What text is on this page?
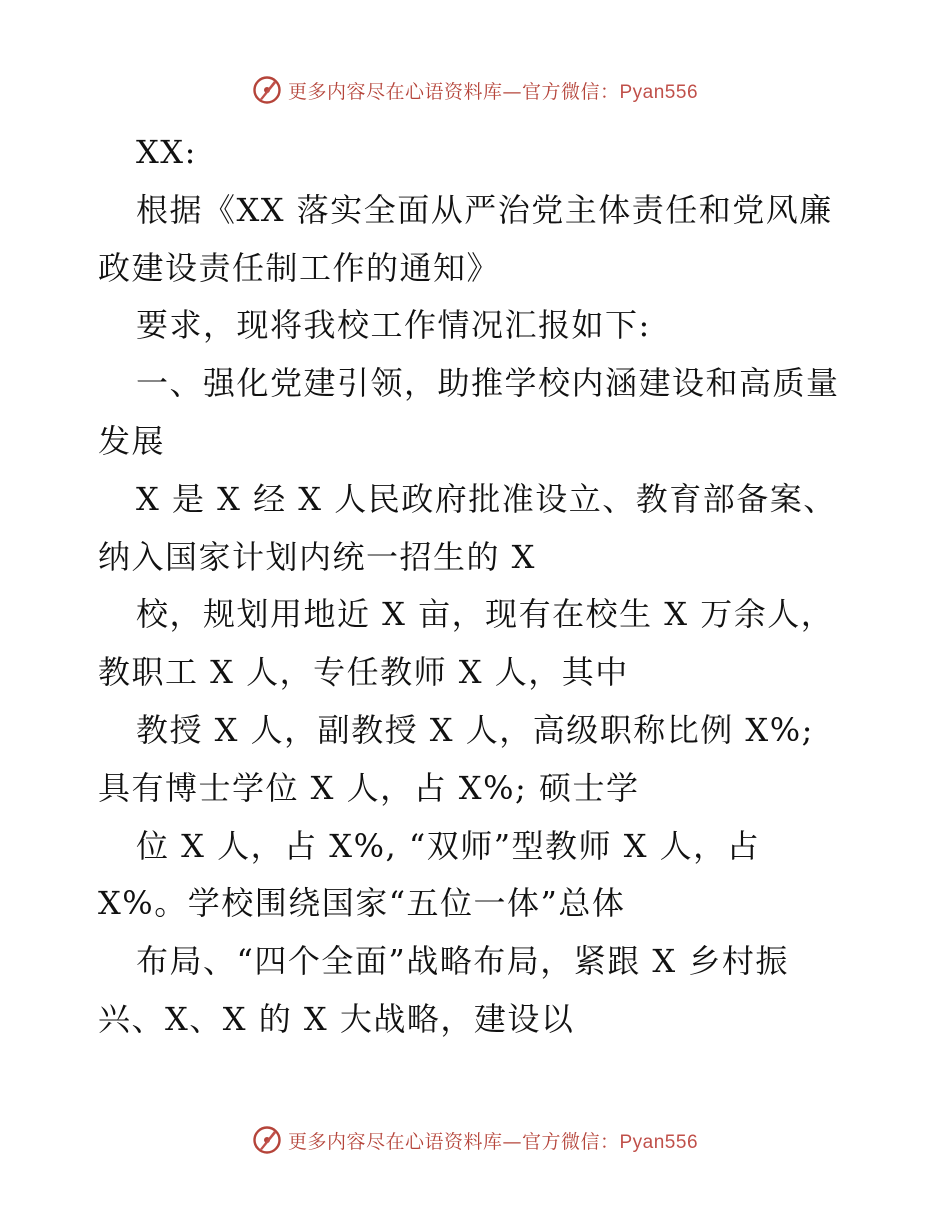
更多内容尽在心语资料库—官方微信：Pyan556
XX:
根据《XX 落实全面从严治党主体责任和党风廉
政建设责任制工作的通知》
要求，现将我校工作情况汇报如下:
一、强化党建引领，助推学校内涵建设和高质量
发展
X 是 X 经 X 人民政府批准设立、教育部备案、
纳入国家计划内统一招生的 X
校，规划用地近 X 亩，现有在校生 X 万余人，
教职工 X 人，专任教师 X 人，其中
教授 X 人，副教授 X 人，高级职称比例 X%;
具有博士学位 X 人，占 X%; 硕士学
位 X 人，占 X%, “双师”型教师 X 人，占
X%。学校围绕国家“五位一体”总体
布局、“四个全面”战略布局，紧跟 X 乡村振
兴、X、X 的 X 大战略，建设以
更多内容尽在心语资料库—官方微信：Pyan556
